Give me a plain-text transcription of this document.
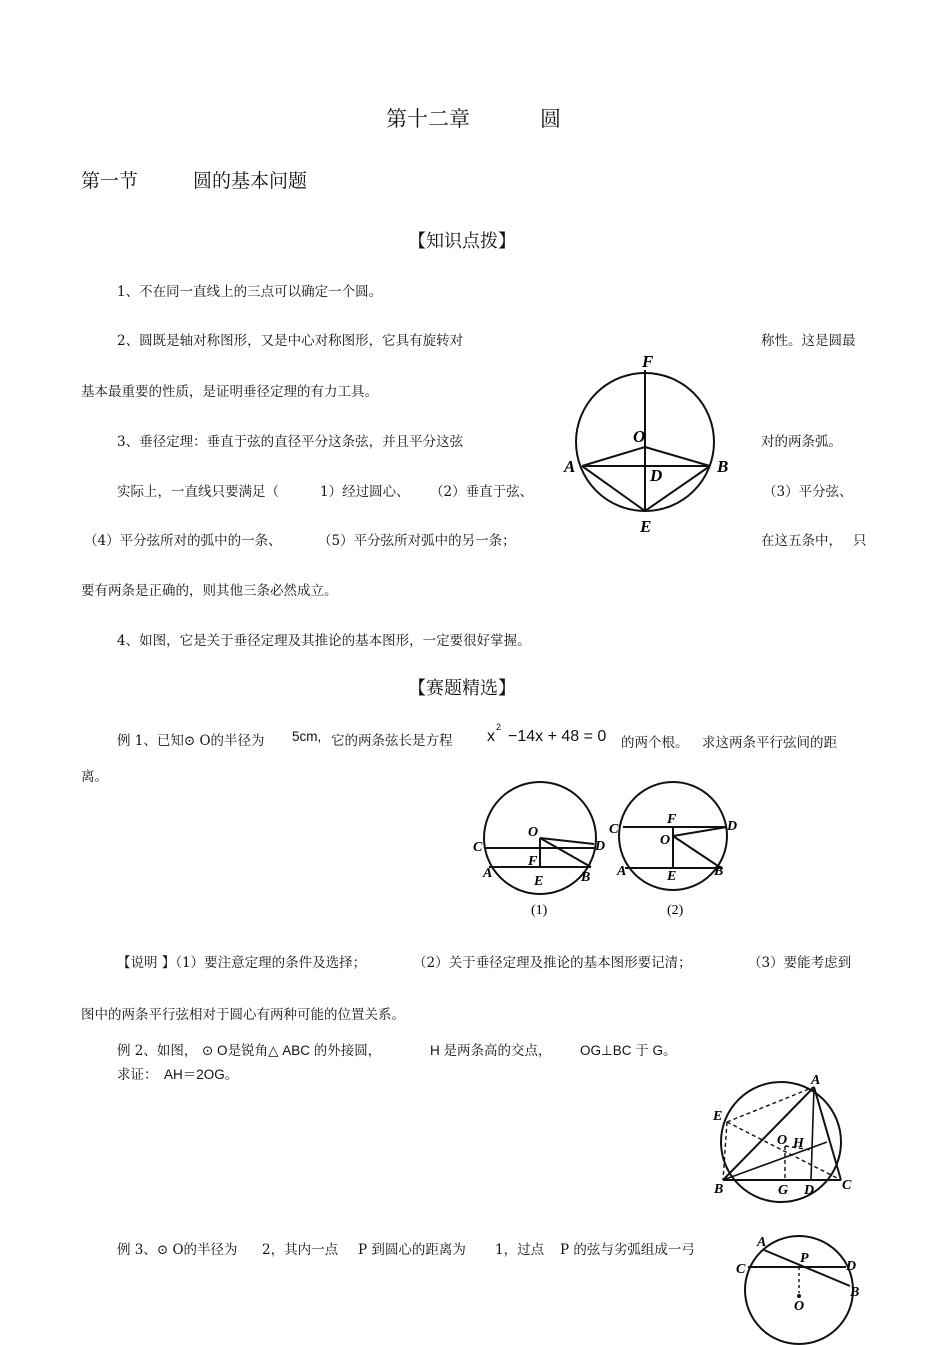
第十二章	圆
第一节	圆的基本问题
【知识点拨】
1、不在同一直线上的三点可以确定一个圆。
2、圆既是轴对称图形，又是中心对称图形，它具有旋转对	称性。这是圆最
基本最重要的性质，是证明垂径定理的有力工具。
3、垂径定理：垂直于弦的直径平分这条弦，并且平分这弦	对的两条弧。
实际上，一直线只要满足（	1）经过圆心、 （2）垂直于弦、	（3）平分弦、
（4）平分弦所对的弧中的一条、	（5）平分弦所对弧中的另一条；	在这五条中， 只
要有两条是正确的，则其他三条必然成立。
4、如图，它是关于垂径定理及其推论的基本图形，一定要很好掌握。
F
O
A	D	B
E
【赛题精选】
例 1、已知⊙ O的半径为 5cm, 它的两条弦长是方程 x
2
−14x + 48 = 0 的两个根。 求这两条平行弦间的距
离。
O
C
F
D
A
E	B
(1)
F
C	D
O
A	E	B
(2)
【说明 】（1）要注意定理的条件及选择；	（2）关于垂径定理及推论的基本图形要记清；	（3）要能考虑到
图中的两条平行弦相对于圆心有两种可能的位置关系。
例 2、如图， ⊙ O是锐角△ ABC 的外接圆，	H 是两条高的交点， OG⊥BC 于 G。
求证： AH＝2OG。	A
E
O H
B	G D C
例 3、⊙ O的半径为 2，其内一点 P 到圆心的距离为 1，过点 P 的弦与劣弧组成一弓	A
P
C	D
B
O
